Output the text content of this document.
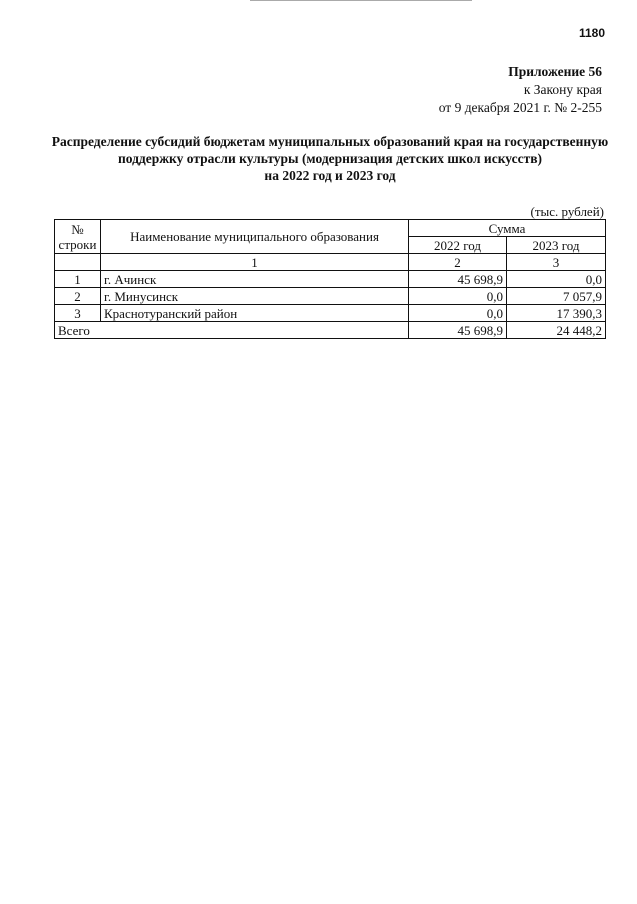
1180
Приложение 56
к Закону края
от 9 декабря 2021 г. № 2-255
Распределение субсидий бюджетам муниципальных образований края на государственную
поддержку отрасли культуры (модернизация детских школ искусств)
на 2022 год и 2023 год
(тыс. рублей)
№ строки	Наименование муниципального образования	Сумма	
		2022 год	2023 год
	1	2	3
1	г. Ачинск	45 698,9	0,0
2	г. Минусинск	0,0	7 057,9
3	Краснотуранский район	0,0	17 390,3
Всего		45 698,9	24 448,2
